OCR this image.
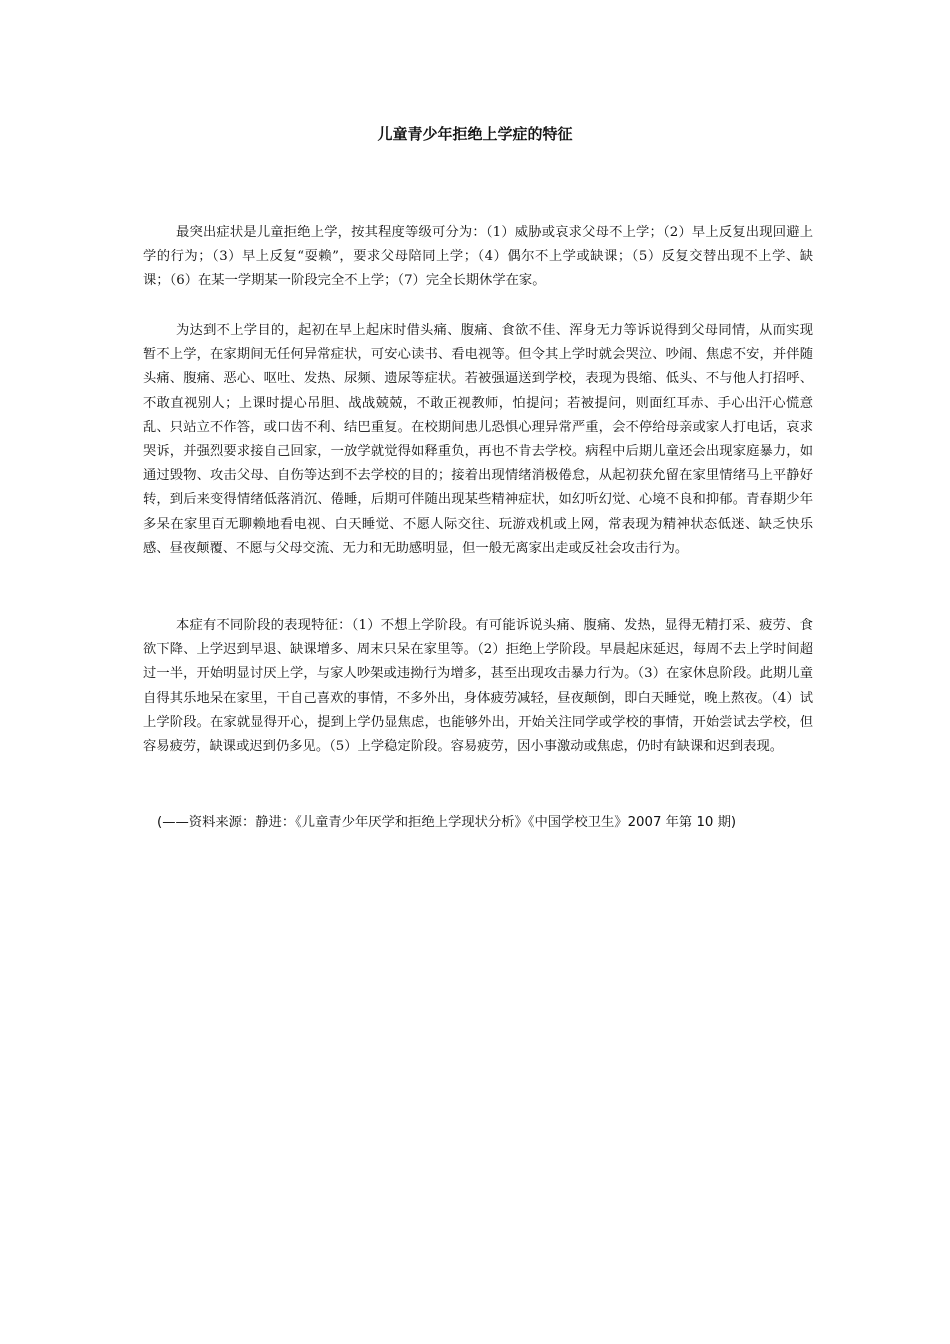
儿童青少年拒绝上学症的特征

最突出症状是儿童拒绝上学，按其程度等级可分为：（1）威胁或哀求父母不上学；（2）早上反复出现回避上学的行为；（3）早上反复“耍赖”，要求父母陪同上学；（4）偶尔不上学或缺课；（5）反复交替出现不上学、缺课；（6）在某一学期某一阶段完全不上学；（7）完全长期休学在家。

为达到不上学目的，起初在早上起床时借头痛、腹痛、食欲不佳、浑身无力等诉说得到父母同情，从而实现暂不上学，在家期间无任何异常症状，可安心读书、看电视等。但令其上学时就会哭泣、吵闹、焦虑不安，并伴随头痛、腹痛、恶心、呕吐、发热、尿频、遗尿等症状。若被强逼送到学校，表现为畏缩、低头、不与他人打招呼、不敢直视别人；上课时提心吊胆、战战兢兢，不敢正视教师，怕提问；若被提问，则面红耳赤、手心出汗心慌意乱、只站立不作答，或口齿不利、结巴重复。在校期间患儿恐惧心理异常严重，会不停给母亲或家人打电话，哀求哭诉，并强烈要求接自己回家，一放学就觉得如释重负，再也不肯去学校。病程中后期儿童还会出现家庭暴力，如通过毁物、攻击父母、自伤等达到不去学校的目的；接着出现情绪消极倦怠，从起初获允留在家里情绪马上平静好转，到后来变得情绪低落消沉、倦睡，后期可伴随出现某些精神症状，如幻听幻觉、心境不良和抑郁。青春期少年多呆在家里百无聊赖地看电视、白天睡觉、不愿人际交往、玩游戏机或上网，常表现为精神状态低迷、缺乏快乐感、昼夜颠覆、不愿与父母交流、无力和无助感明显，但一般无离家出走或反社会攻击行为。

本症有不同阶段的表现特征：（1）不想上学阶段。有可能诉说头痛、腹痛、发热，显得无精打采、疲劳、食欲下降、上学迟到早退、缺课增多、周末只呆在家里等。（2）拒绝上学阶段。早晨起床延迟，每周不去上学时间超过一半，开始明显讨厌上学，与家人吵架或违拗行为增多，甚至出现攻击暴力行为。（3）在家休息阶段。此期儿童自得其乐地呆在家里，干自己喜欢的事情，不多外出，身体疲劳减轻，昼夜颠倒，即白天睡觉，晚上熬夜。（4）试上学阶段。在家就显得开心，提到上学仍显焦虑，也能够外出，开始关注同学或学校的事情，开始尝试去学校，但容易疲劳，缺课或迟到仍多见。（5）上学稳定阶段。容易疲劳，因小事激动或焦虑，仍时有缺课和迟到表现。

(——资料来源：静进：《儿童青少年厌学和拒绝上学现状分析》《中国学校卫生》2007 年第 10 期)
